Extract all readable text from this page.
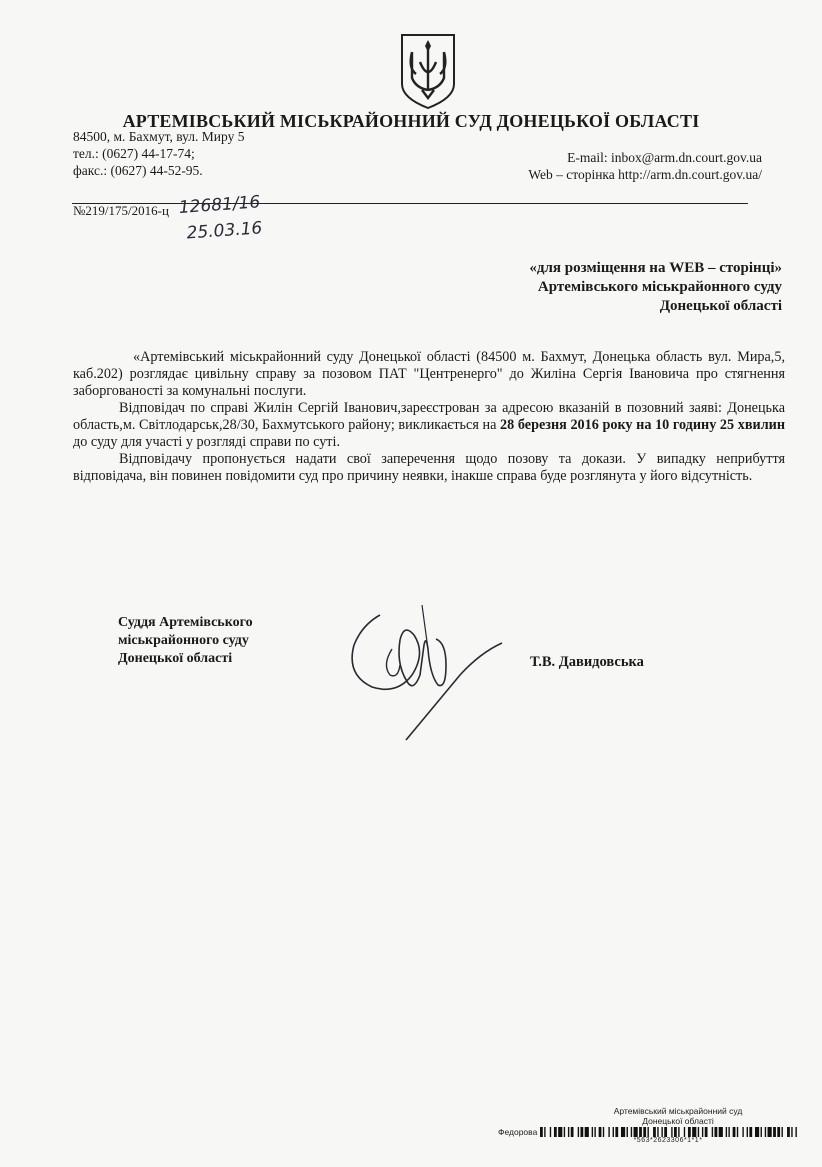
АРТЕМІВСЬКИЙ МІСЬКРАЙОННИЙ СУД ДОНЕЦЬКОЇ ОБЛАСТІ
84500, м. Бахмут, вул. Миру 5
тел.: (0627) 44-17-74;
факс.: (0627) 44-52-95.
E-mail: inbox@arm.dn.court.gov.ua
Web – сторінка http://arm.dn.court.gov.ua/
№219/175/2016-ц 12681/16
25.03.16
«для розміщення на WEB – сторінці»
Артемівського міськрайонного суду
Донецької області

«Артемівський міськрайонний суду Донецької області (84500 м. Бахмут, Донецька область вул. Мира,5, каб.202) розглядає цивільну справу за позовом ПАТ "Центренерго" до Жиліна Сергія Івановича про стягнення заборгованості за комунальні послуги.

Відповідач по справі Жилін Сергій Іванович,зареєстрован за адресою вказаній в позовний заяві: Донецька область,м. Світлодарськ,28/30, Бахмутського району; викликається на 28 березня 2016 року на 10 годину 25 хвилин до суду для участі у розгляді справи по суті.

Відповідачу пропонується надати свої заперечення щодо позову та докази. У випадку неприбуття відповідача, він повинен повідомити суд про причину неявки, інакше справа буде розглянута у його відсутність.

Суддя Артемівського
міськрайонного суду
Донецької області	Т.В. Давидовська
Артемівський міськрайонний суд
Донецької області
Федорова
*563*2623306*1*1*
